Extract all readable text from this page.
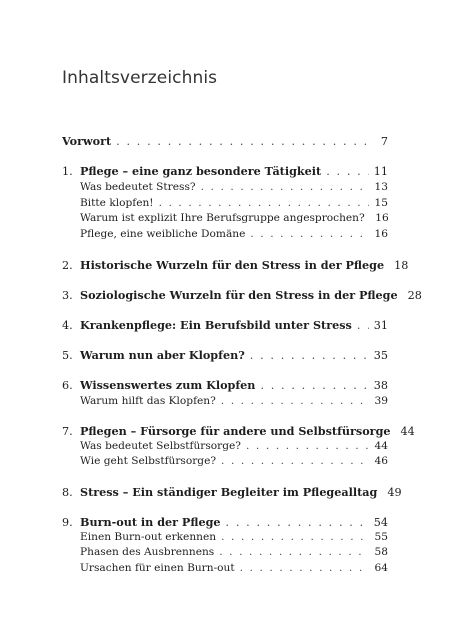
Inhaltsverzeichnis
Vorwort . . .	7
1. Pflege – eine ganz besondere Tätigkeit . . .	11
Was bedeutet Stress? . . .	13
Bitte klopfen! . . .	15
Warum ist explizit Ihre Berufsgruppe angesprochen? 16
Pflege, eine weibliche Domäne . . .	16
2. Historische Wurzeln für den Stress in der Pflege 18
3. Soziologische Wurzeln für den Stress in der Pflege 28
4. Krankenpflege: Ein Berufsbild unter Stress . . . 31
5. Warum nun aber Klopfen? . . .	35
6. Wissenswertes zum Klopfen . . .	38
Warum hilft das Klopfen? . . .	39
7. Pflegen – Fürsorge für andere und Selbstfürsorge 44
Was bedeutet Selbstfürsorge? . . .	44
Wie geht Selbstfürsorge? . . .	46
8. Stress – Ein ständiger Begleiter im Pflegealltag 49
9. Burn-out in der Pflege . . .	54
Einen Burn-out erkennen . . .	55
Phasen des Ausbrennens . . .	58
Ursachen für einen Burn-out . . .	64
